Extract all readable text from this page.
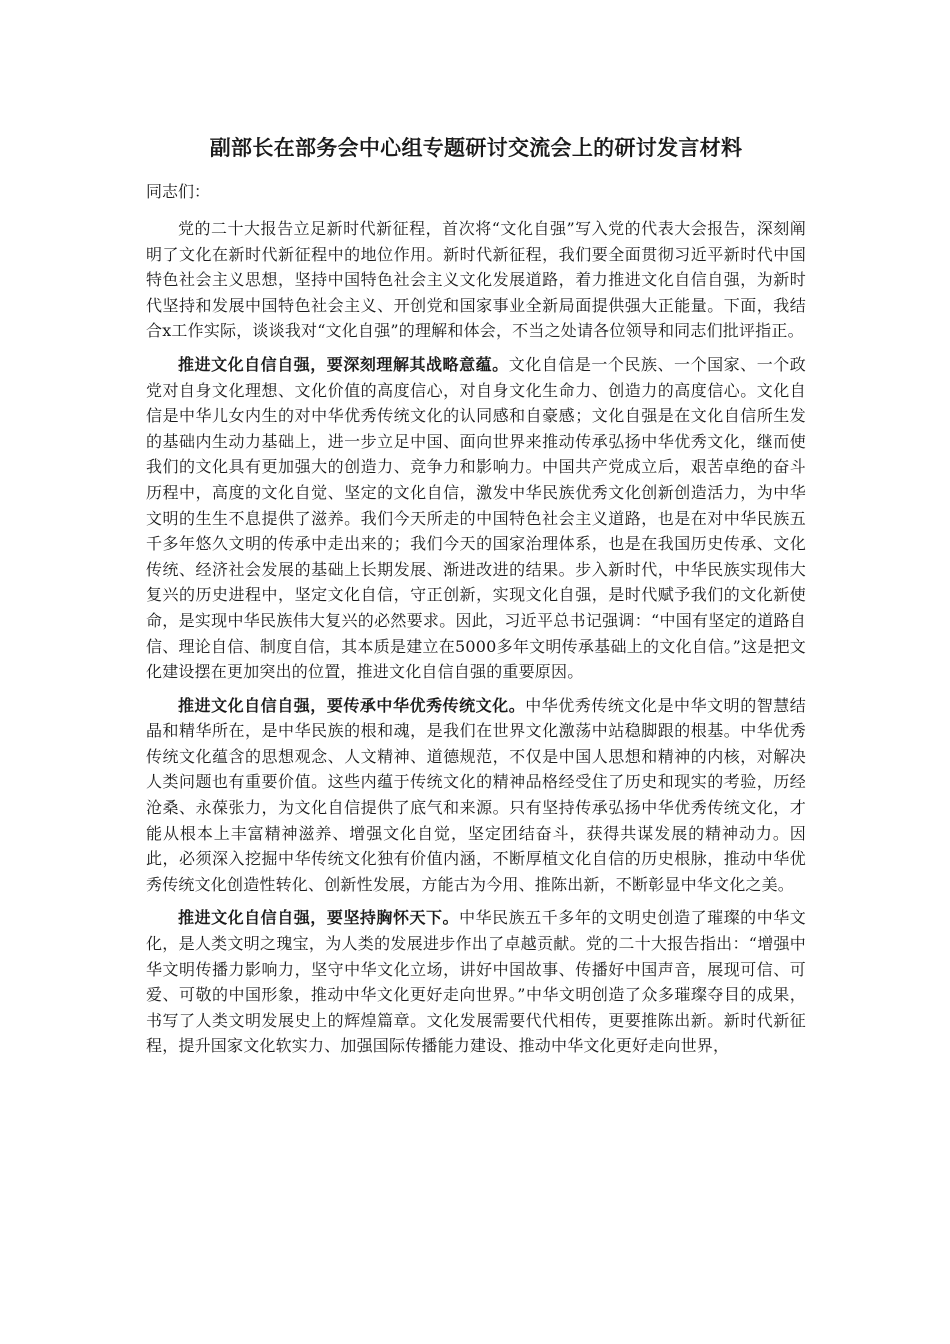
副部长在部务会中心组专题研讨交流会上的研讨发言材料

同志们：

党的二十大报告立足新时代新征程，首次将“文化自强”写入党的代表大会报告，深刻阐明了文化在新时代新征程中的地位作用。新时代新征程，我们要全面贯彻习近平新时代中国特色社会主义思想，坚持中国特色社会主义文化发展道路，着力推进文化自信自强，为新时代坚持和发展中国特色社会主义、开创党和国家事业全新局面提供强大正能量。下面，我结合x工作实际，谈谈我对“文化自强”的理解和体会，不当之处请各位领导和同志们批评指正。

推进文化自信自强，要深刻理解其战略意蕴。文化自信是一个民族、一个国家、一个政党对自身文化理想、文化价值的高度信心，对自身文化生命力、创造力的高度信心。文化自信是中华儿女内生的对中华优秀传统文化的认同感和自豪感；文化自强是在文化自信所生发的基础内生动力基础上，进一步立足中国、面向世界来推动传承弘扬中华优秀文化，继而使我们的文化具有更加强大的创造力、竞争力和影响力。中国共产党成立后，艰苦卓绝的奋斗历程中，高度的文化自觉、坚定的文化自信，激发中华民族优秀文化创新创造活力，为中华文明的生生不息提供了滋养。我们今天所走的中国特色社会主义道路，也是在对中华民族五千多年悠久文明的传承中走出来的；我们今天的国家治理体系，也是在我国历史传承、文化传统、经济社会发展的基础上长期发展、渐进改进的结果。步入新时代，中华民族实现伟大复兴的历史进程中，坚定文化自信，守正创新，实现文化自强，是时代赋予我们的文化新使命，是实现中华民族伟大复兴的必然要求。因此，习近平总书记强调：“中国有坚定的道路自信、理论自信、制度自信，其本质是建立在5000多年文明传承基础上的文化自信。”这是把文化建设摆在更加突出的位置，推进文化自信自强的重要原因。

推进文化自信自强，要传承中华优秀传统文化。中华优秀传统文化是中华文明的智慧结晶和精华所在，是中华民族的根和魂，是我们在世界文化激荡中站稳脚跟的根基。中华优秀传统文化蕴含的思想观念、人文精神、道德规范，不仅是中国人思想和精神的内核，对解决人类问题也有重要价值。这些内蕴于传统文化的精神品格经受住了历史和现实的考验，历经沧桑、永葆张力，为文化自信提供了底气和来源。只有坚持传承弘扬中华优秀传统文化，才能从根本上丰富精神滋养、增强文化自觉，坚定团结奋斗，获得共谋发展的精神动力。因此，必须深入挖掘中华传统文化独有价值内涵，不断厚植文化自信的历史根脉，推动中华优秀传统文化创造性转化、创新性发展，方能古为今用、推陈出新，不断彰显中华文化之美。

推进文化自信自强，要坚持胸怀天下。中华民族五千多年的文明史创造了璀璨的中华文化，是人类文明之瑰宝，为人类的发展进步作出了卓越贡献。党的二十大报告指出：“增强中华文明传播力影响力，坚守中华文化立场，讲好中国故事、传播好中国声音，展现可信、可爱、可敬的中国形象，推动中华文化更好走向世界。”中华文明创造了众多璀璨夺目的成果，书写了人类文明发展史上的辉煌篇章。文化发展需要代代相传，更要推陈出新。新时代新征程，提升国家文化软实力、加强国际传播能力建设、推动中华文化更好走向世界，
